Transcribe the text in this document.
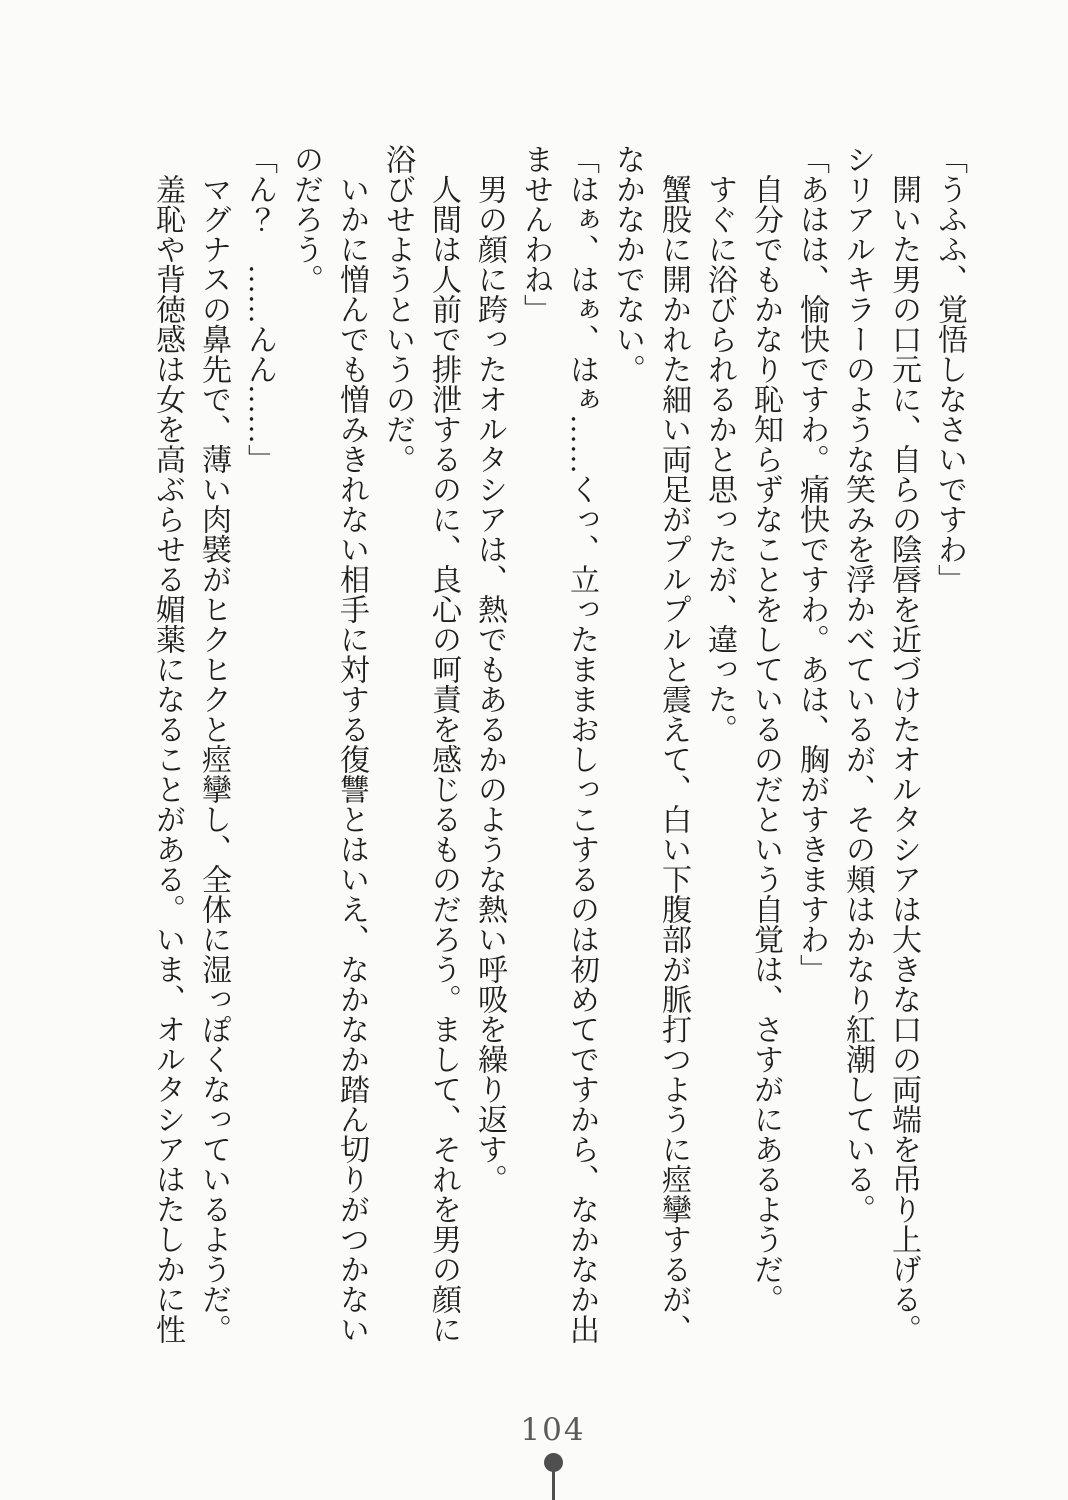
「うふふ、覚悟しなさいですわ」

開いた男の口元に、自らの陰唇を近づけたオルタシアは大きな口の両端を吊り上げる。シリアルキラーのような笑みを浮かべているが、その頬はかなり紅潮している。

「あはは、愉快ですわ。痛快ですわ。あは、胸がすきますわ」

自分でもかなり恥知らずなことをしているのだという自覚は、さすがにあるようだ。

すぐに浴びられるかと思ったが、違った。

蟹股に開かれた細い両足がプルプルと震えて、白い下腹部が脈打つように痙攣するが、なかなかでない。

「はぁ、はぁ、はぁ……くっ、立ったままおしっこするのは初めてですから、なかなか出ませんわね」

男の顔に跨ったオルタシアは、熱でもあるかのような熱い呼吸を繰り返す。

人間は人前で排泄するのに、良心の呵責を感じるものだろう。まして、それを男の顔に浴びせようというのだ。

いかに憎んでも憎みきれない相手に対する復讐とはいえ、なかなか踏ん切りがつかないのだろう。

「ん？　……んん……」

マグナスの鼻先で、薄い肉襞がヒクヒクと痙攣し、全体に湿っぽくなっているようだ。

羞恥や背徳感は女を高ぶらせる媚薬になることがある。いま、オルタシアはたしかに性

104
